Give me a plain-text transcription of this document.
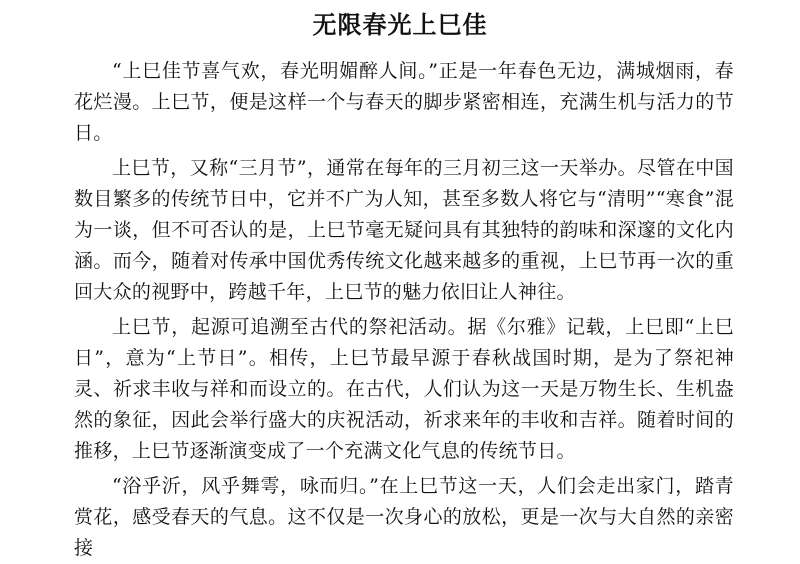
无限春光上巳佳

“上巳佳节喜气欢，春光明媚醉人间。”正是一年春色无边，满城烟雨，春花烂漫。上巳节，便是这样一个与春天的脚步紧密相连，充满生机与活力的节日。

上巳节，又称“三月节”，通常在每年的三月初三这一天举办。尽管在中国数目繁多的传统节日中，它并不广为人知，甚至多数人将它与“清明”“寒食”混为一谈，但不可否认的是，上巳节毫无疑问具有其独特的韵味和深邃的文化内涵。而今，随着对传承中国优秀传统文化越来越多的重视，上巳节再一次的重回大众的视野中，跨越千年，上巳节的魅力依旧让人神往。

上巳节，起源可追溯至古代的祭祀活动。据《尔雅》记载，上巳即“上巳日”，意为“上节日”。相传，上巳节最早源于春秋战国时期，是为了祭祀神灵、祈求丰收与祥和而设立的。在古代，人们认为这一天是万物生长、生机盎然的象征，因此会举行盛大的庆祝活动，祈求来年的丰收和吉祥。随着时间的推移，上巳节逐渐演变成了一个充满文化气息的传统节日。

“浴乎沂，风乎舞雩，咏而归。”在上巳节这一天，人们会走出家门，踏青赏花，感受春天的气息。这不仅是一次身心的放松，更是一次与大自然的亲密接
